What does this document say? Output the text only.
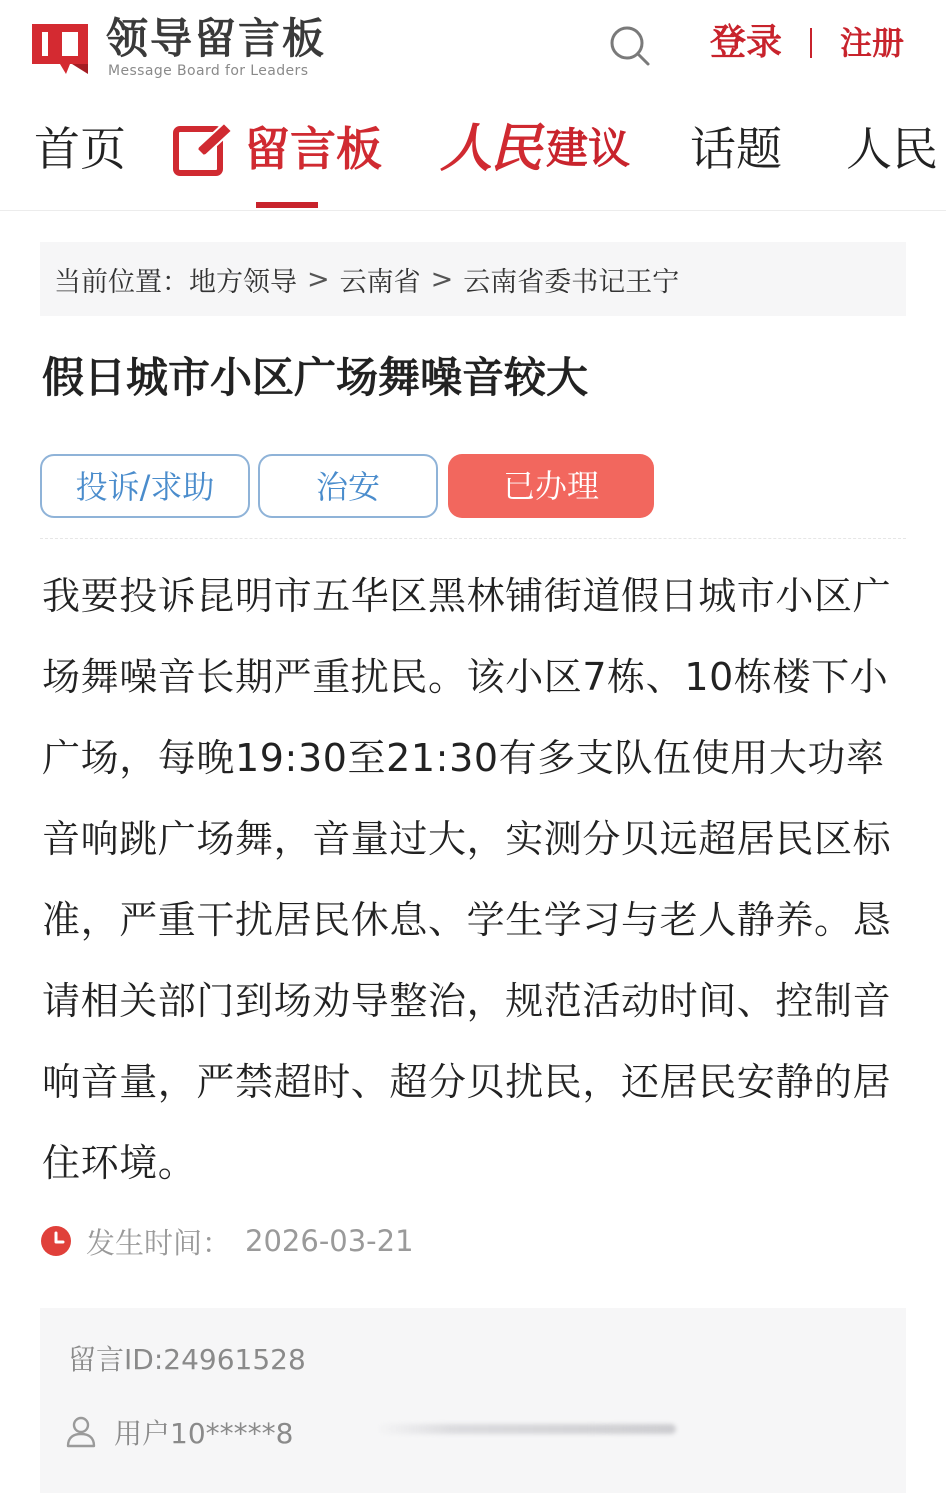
领导留言板
Message Board for Leaders
登录 注册
首页	留言板 人民 建议 话题 人民
当前位置： 地方领导 > 云南省 > 云南省委书记王宁
假日城市小区广场舞噪音较大
投诉/求助	治安	已办理
我要投诉昆明市五华区黑林铺街道假日城市小区广场舞噪音长期严重扰民。该小区7栋、10栋楼下小广场，每晚19:30至21:30有多支队伍使用大功率音响跳广场舞，音量过大，实测分贝远超居民区标准，严重干扰居民休息、学生学习与老人静养。恳请相关部门到场劝导整治，规范活动时间、控制音响音量，严禁超时、超分贝扰民，还居民安静的居住环境。
发生时间： 2026-03-21
留言ID:24961528
用户10*****8
